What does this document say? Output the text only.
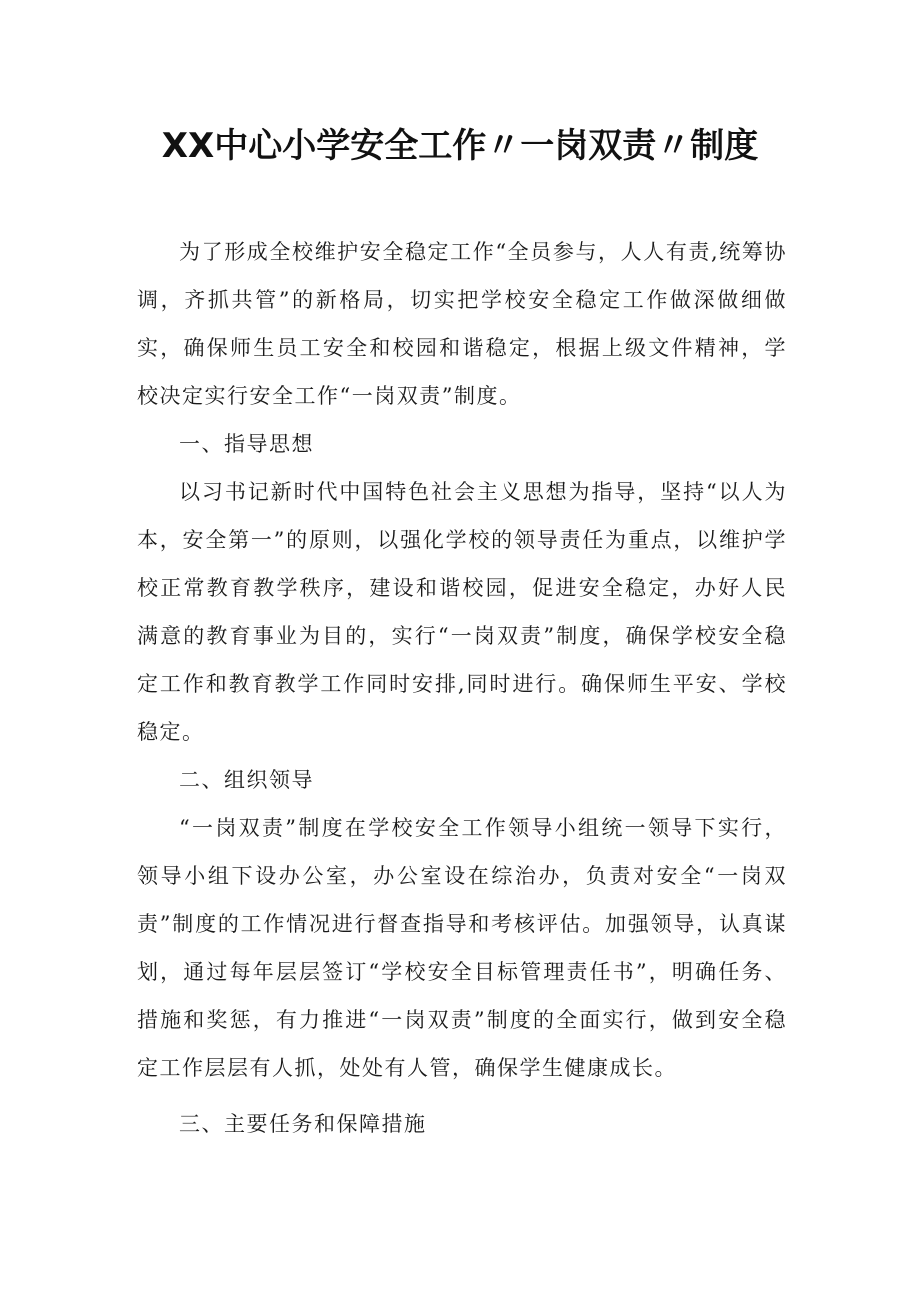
XX中心小学安全工作〃一岗双责〃制度

为了形成全校维护安全稳定工作“全员参与，人人有责,统筹协调，齐抓共管”的新格局，切实把学校安全稳定工作做深做细做实，确保师生员工安全和校园和谐稳定，根据上级文件精神，学校决定实行安全工作“一岗双责”制度。

一、指导思想

以习书记新时代中国特色社会主义思想为指导，坚持“以人为本，安全第一”的原则，以强化学校的领导责任为重点，以维护学校正常教育教学秩序，建设和谐校园，促进安全稳定，办好人民满意的教育事业为目的，实行“一岗双责”制度，确保学校安全稳定工作和教育教学工作同时安排,同时进行。确保师生平安、学校稳定。

二、组织领导

“一岗双责”制度在学校安全工作领导小组统一领导下实行，领导小组下设办公室，办公室设在综治办，负责对安全“一岗双责”制度的工作情况进行督查指导和考核评估。加强领导，认真谋划，通过每年层层签订“学校安全目标管理责任书”，明确任务、措施和奖惩，有力推进“一岗双责”制度的全面实行，做到安全稳定工作层层有人抓，处处有人管，确保学生健康成长。

三、主要任务和保障措施
